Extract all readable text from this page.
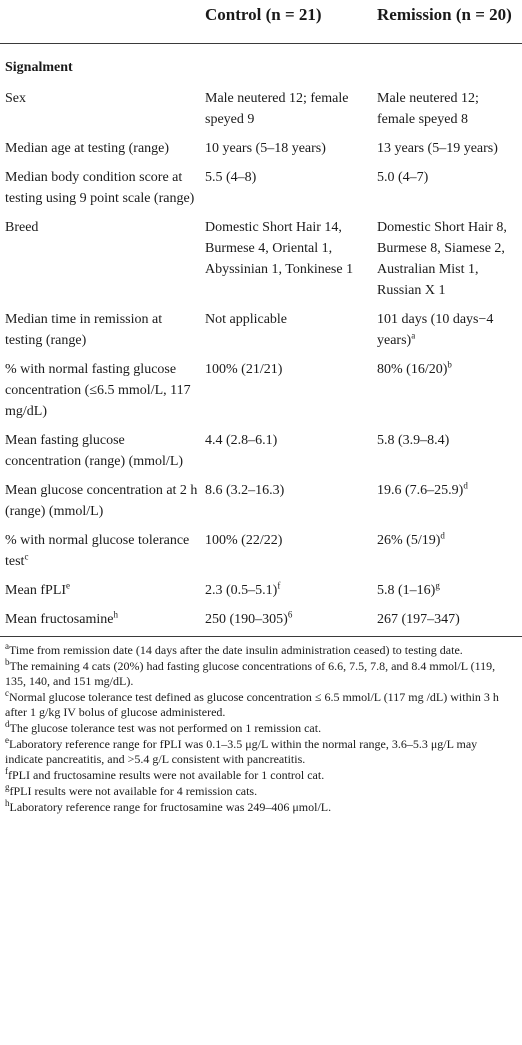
	Control (n = 21)	Remission (n = 20)
Signalment		
Sex	Male neutered 12; female speyed 9	Male neutered 12; female speyed 8
Median age at testing (range)	10 years (5–18 years)	13 years (5–19 years)
Median body condition score at testing using 9 point scale (range)	5.5 (4–8)	5.0 (4–7)
Breed	Domestic Short Hair 14, Burmese 4, Oriental 1, Abyssinian 1, Tonkinese 1	Domestic Short Hair 8, Burmese 8, Siamese 2, Australian Mist 1, Russian X 1
Median time in remission at testing (range)	Not applicable	101 days (10 days−4 years)$^a$
% with normal fasting glucose concentration (≤6.5 mmol/L, 117 mg/dL)	100% (21/21)	80% $(16/20)^b$
Mean fasting glucose concentration (range) (mmol/L)	4.4 (2.8–6.1)	5.8 (3.9–8.4)
Mean glucose concentration at 2 h (range) (mmol/L)	8.6 (3.2–16.3)	19.6 $(7.6-25.9)^d$
% with normal glucose tolerance test$^c$	100% (22/22)	26% $(5/19)^d$
Mean fPLI$^e$	2.3 $(0.5-5.1)^f$	5.8 $(1-16)^g$
Mean fructosamine$^h$	250 $(190-305)^6$	267 (197–347)

$^a$Time from remission date (14 days after the date insulin administration ceased) to testing date.

$^b$The remaining 4 cats (20%) had fasting glucose concentrations of 6.6, 7.5, 7.8, and 8.4 mmol/L (119, 135, 140, and 151 mg/dL).

$^c$Normal glucose tolerance test defined as glucose concentration ≤ 6.5 mmol/L (117 mg /dL) within 3 h after 1 g/kg IV bolus of glucose administered.

$^d$The glucose tolerance test was not performed on 1 remission cat.

$^e$Laboratory reference range for fPLI was 0.1–3.5 μg/L within the normal range, 3.6–5.3 μg/L may indicate pancreatitis, and >5.4 g/L consistent with pancreatitis.

$^f$fPLI and fructosamine results were not available for 1 control cat.

$^g$fPLI results were not available for 4 remission cats.

$^h$Laboratory reference range for fructosamine was 249–406 μmol/L.
